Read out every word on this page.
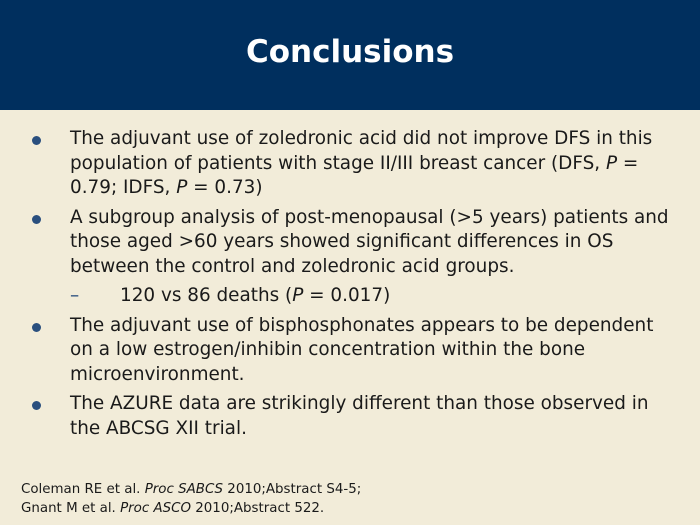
Conclusions
The adjuvant use of zoledronic acid did not improve DFS in this population of patients with stage II/III breast cancer (DFS, P = 0.79; IDFS, P = 0.73)
A subgroup analysis of post-menopausal (>5 years) patients and those aged >60 years showed significant differences in OS between the control and zoledronic acid groups.
– 120 vs 86 deaths (P = 0.017)
The adjuvant use of bisphosphonates appears to be dependent on a low estrogen/inhibin concentration within the bone microenvironment.
The AZURE data are strikingly different than those observed in the ABCSG XII trial.
Coleman RE et al. Proc SABCS 2010;Abstract S4-5;
Gnant M et al. Proc ASCO 2010;Abstract 522.
